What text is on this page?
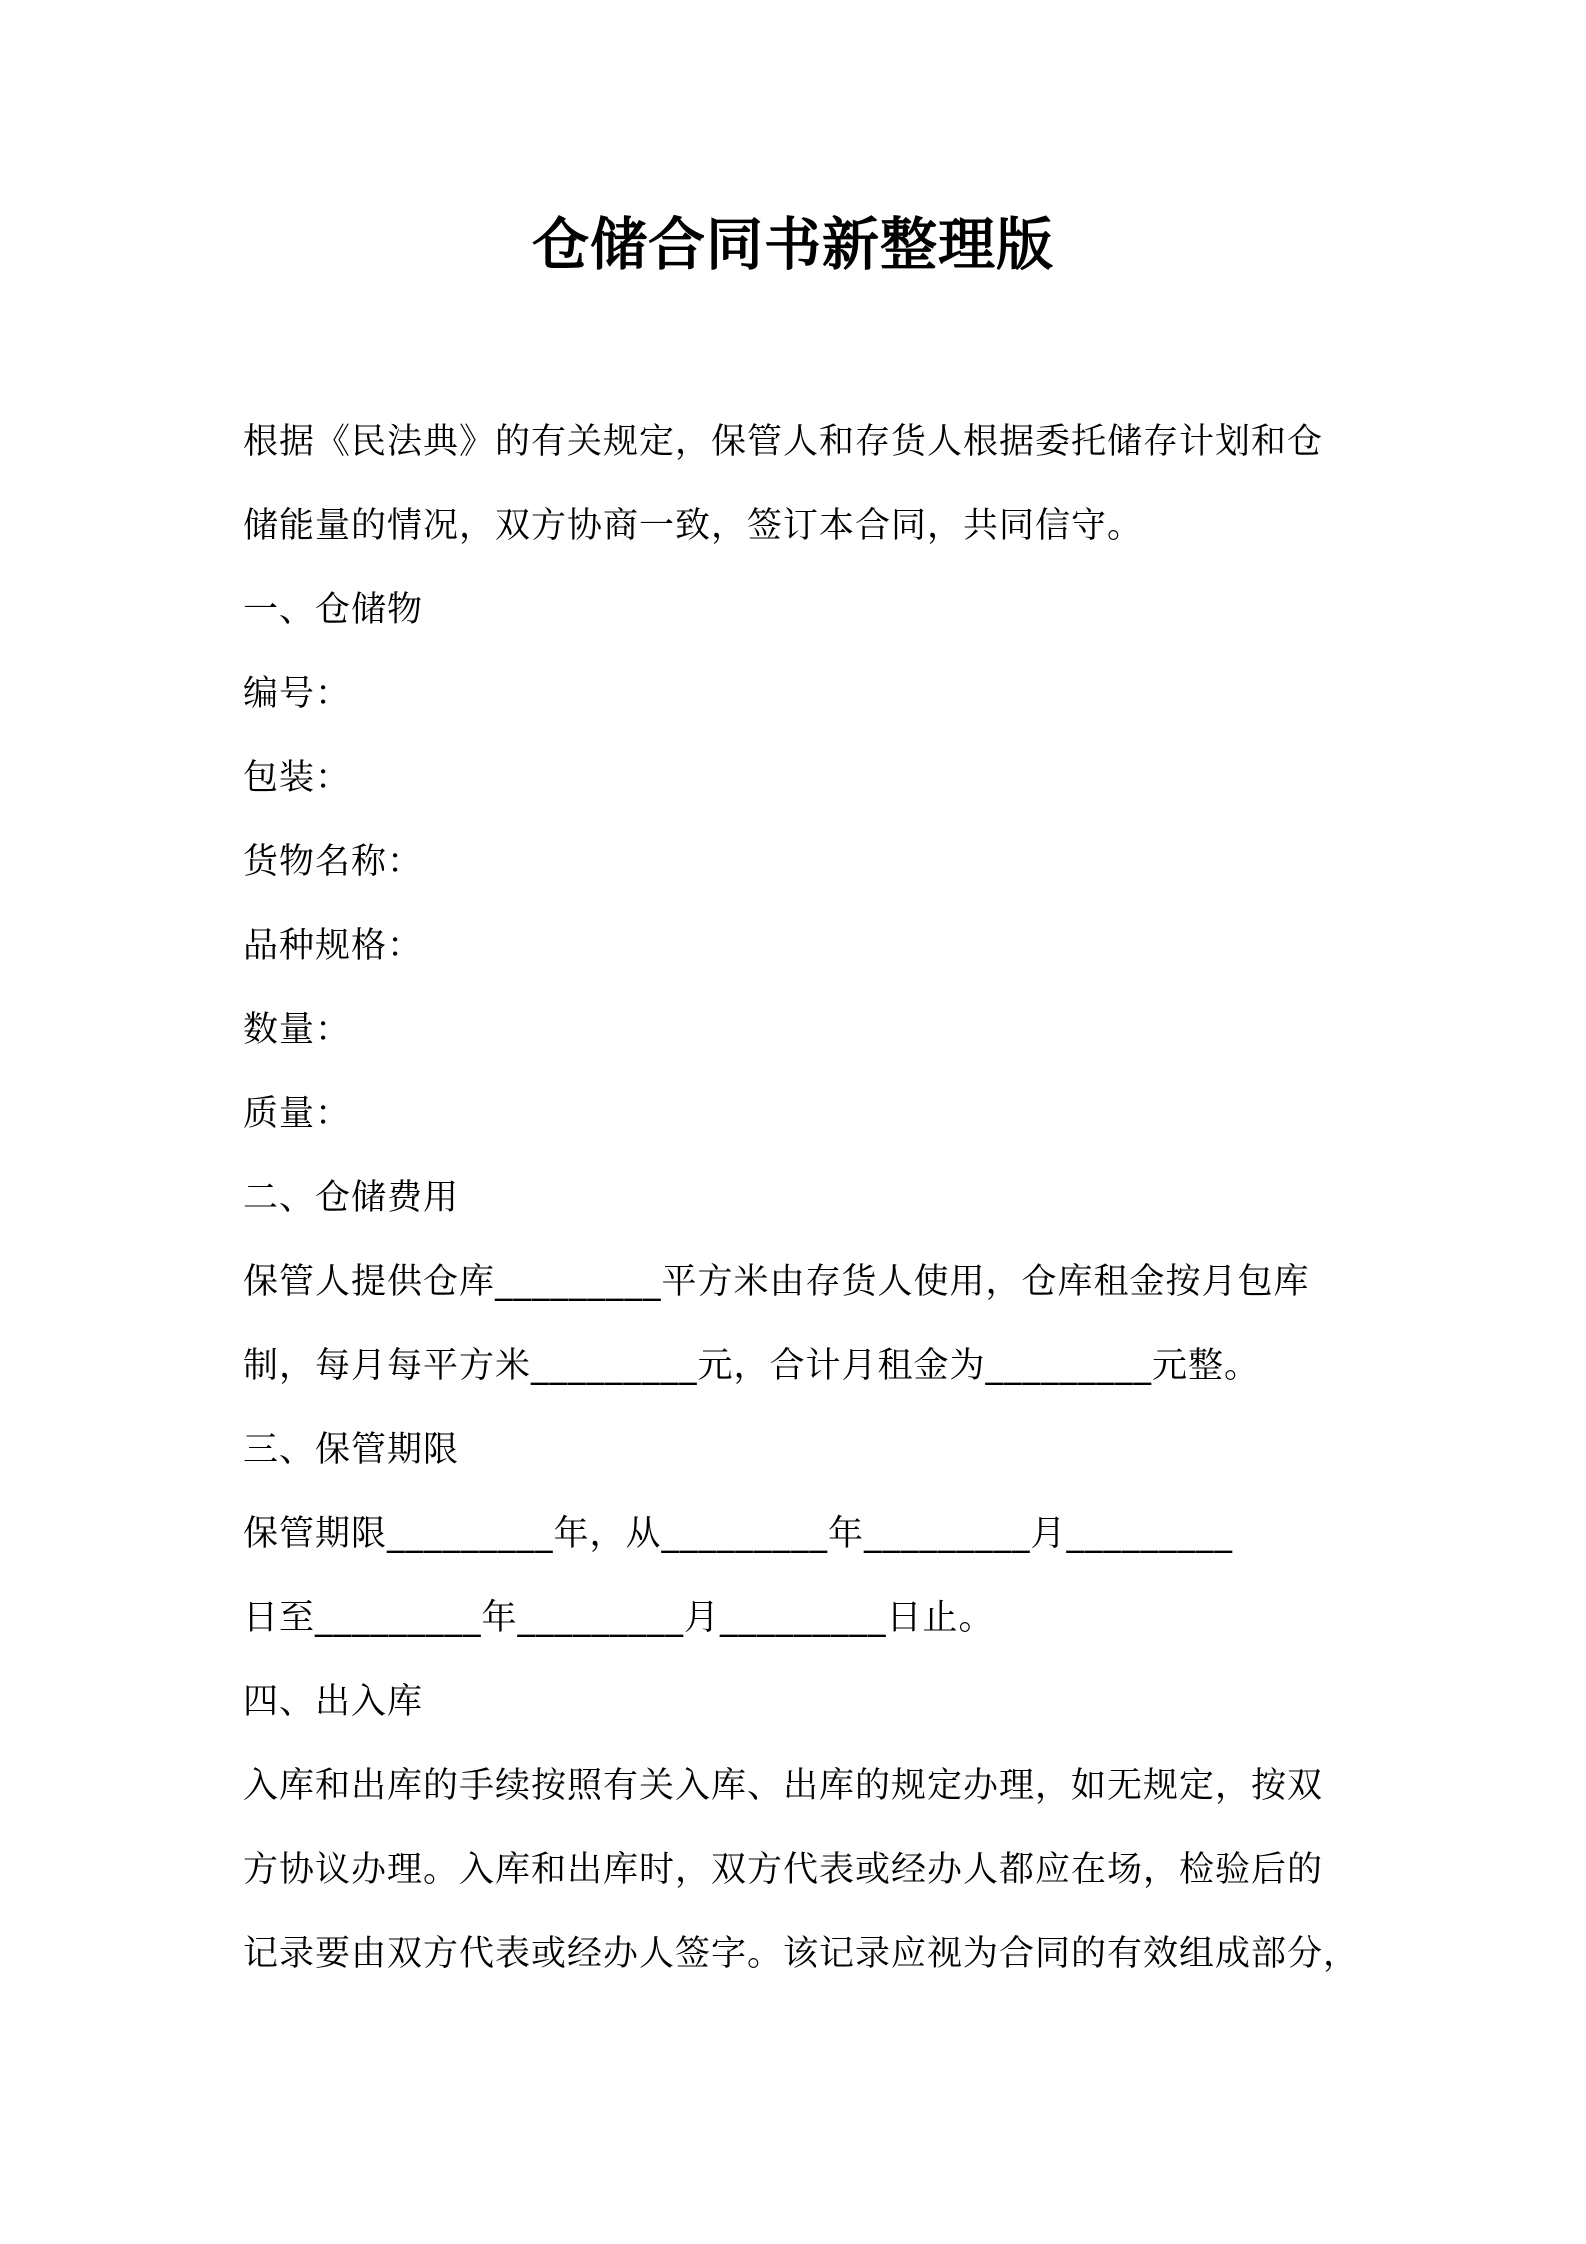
仓储合同书新整理版

根据《民法典》的有关规定，保管人和存货人根据委托储存计划和仓

储能量的情况，双方协商一致，签订本合同，共同信守。

一、仓储物

编号：

包装：

货物名称：

品种规格：

数量：

质量：

二、仓储费用

保管人提供仓库_________平方米由存货人使用，仓库租金按月包库

制，每月每平方米_________元，合计月租金为_________元整。

三、保管期限

保管期限_________年，从_________年_________月_________

日至_________年_________月_________日止。

四、出入库

入库和出库的手续按照有关入库、出库的规定办理，如无规定，按双

方协议办理。入库和出库时，双方代表或经办人都应在场，检验后的

记录要由双方代表或经办人签字。该记录应视为合同的有效组成部分，
